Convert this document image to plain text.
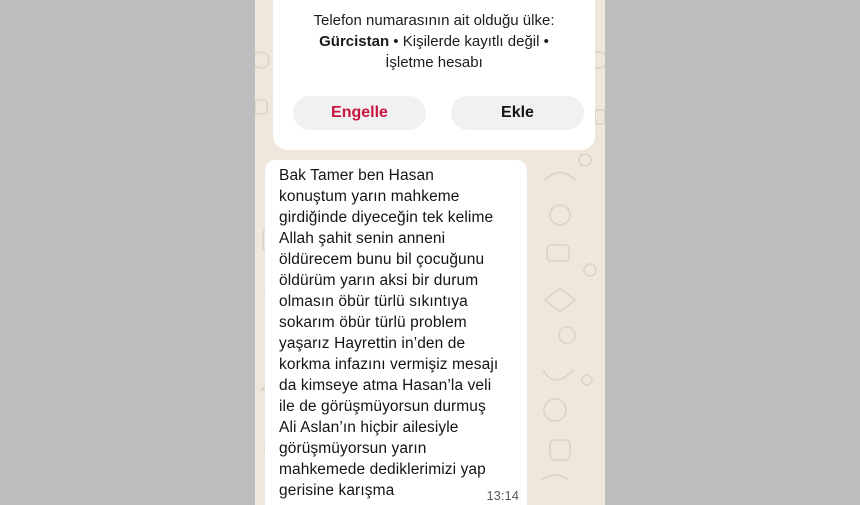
Telefon numarasının ait olduğu ülke:
Gürcistan • Kişilerde kayıtlı değil •
İşletme hesabı
Engelle	Ekle

Bak Tamer ben Hasan
konuştum yarın mahkeme
girdiğinde diyeceğin tek kelime
Allah şahit senin anneni
öldürecem bunu bil çocuğunu
öldürüm yarın aksi bir durum
olmasın öbür türlü sıkıntıya
sokarım öbür türlü problem
yaşarız Hayrettin in’den de
korkma infazını vermişiz mesajı
da kimseye atma Hasan’la veli
ile de görüşmüyorsun durmuş
Ali Aslan’ın hiçbir ailesiyle
görüşmüyorsun yarın
mahkemede dediklerimizi yap
gerisine karışma	13:14
